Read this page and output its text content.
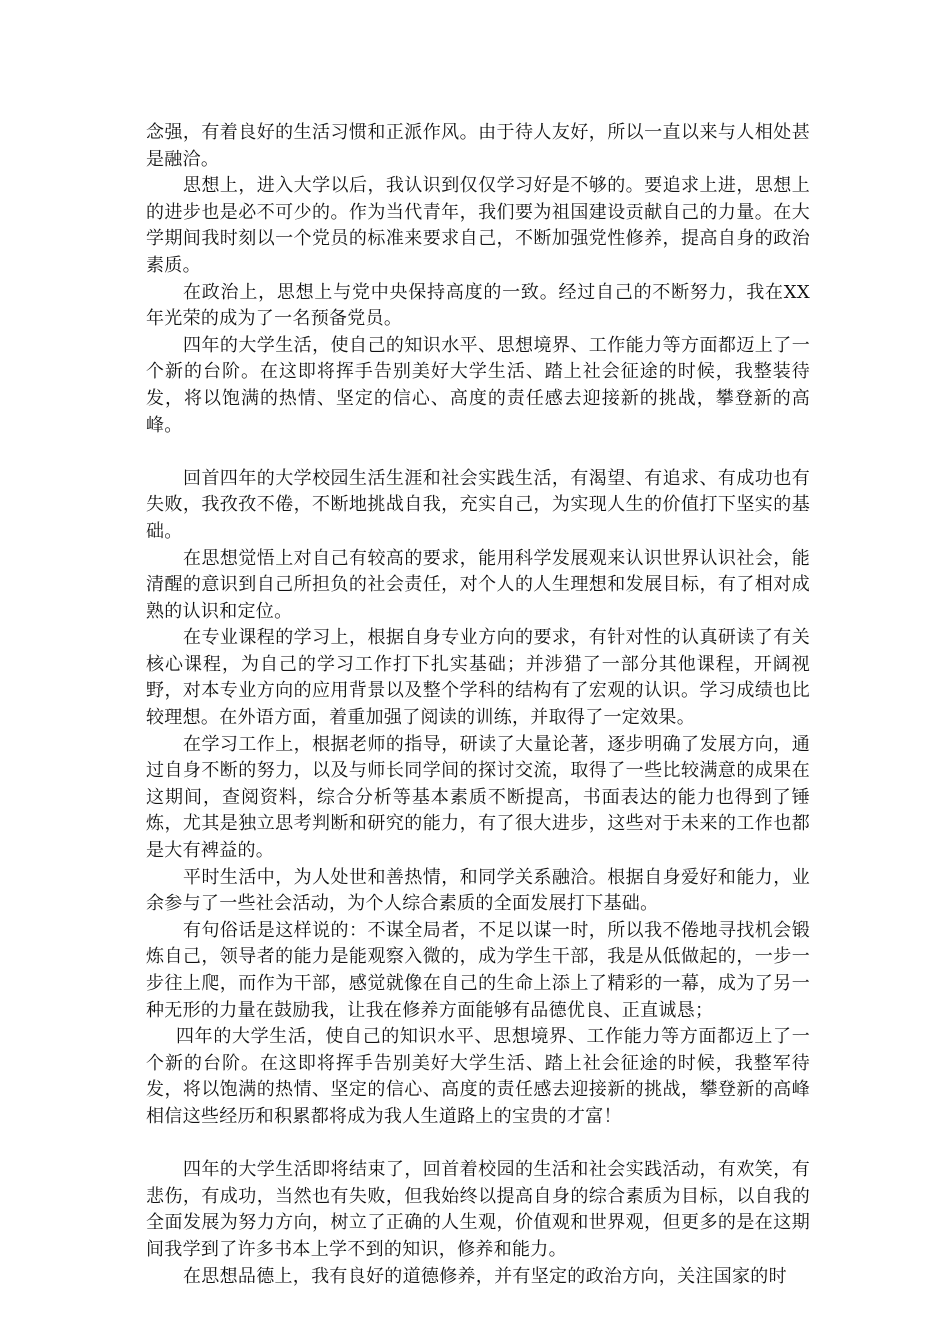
念强，有着良好的生活习惯和正派作风。由于待人友好，所以一直以来与人相处甚是融洽。

思想上，进入大学以后，我认识到仅仅学习好是不够的。要追求上进，思想上的进步也是必不可少的。作为当代青年，我们要为祖国建设贡献自己的力量。在大学期间我时刻以一个党员的标准来要求自己，不断加强党性修养，提高自身的政治素质。

在政治上，思想上与党中央保持高度的一致。经过自己的不断努力，我在XX年光荣的成为了一名预备党员。

四年的大学生活，使自己的知识水平、思想境界、工作能力等方面都迈上了一个新的台阶。在这即将挥手告别美好大学生活、踏上社会征途的时候，我整装待发，将以饱满的热情、坚定的信心、高度的责任感去迎接新的挑战，攀登新的高峰。

回首四年的大学校园生活生涯和社会实践生活，有渴望、有追求、有成功也有失败，我孜孜不倦，不断地挑战自我，充实自己，为实现人生的价值打下坚实的基础。

在思想觉悟上对自己有较高的要求，能用科学发展观来认识世界认识社会，能清醒的意识到自己所担负的社会责任，对个人的人生理想和发展目标，有了相对成熟的认识和定位。

在专业课程的学习上，根据自身专业方向的要求，有针对性的认真研读了有关核心课程，为自己的学习工作打下扎实基础；并涉猎了一部分其他课程，开阔视野，对本专业方向的应用背景以及整个学科的结构有了宏观的认识。学习成绩也比较理想。在外语方面，着重加强了阅读的训练，并取得了一定效果。

在学习工作上，根据老师的指导，研读了大量论著，逐步明确了发展方向，通过自身不断的努力，以及与师长同学间的探讨交流，取得了一些比较满意的成果在这期间，查阅资料，综合分析等基本素质不断提高，书面表达的能力也得到了锤炼，尤其是独立思考判断和研究的能力，有了很大进步，这些对于未来的工作也都是大有裨益的。

平时生活中，为人处世和善热情，和同学关系融洽。根据自身爱好和能力，业余参与了一些社会活动，为个人综合素质的全面发展打下基础。

有句俗话是这样说的：不谋全局者，不足以谋一时，所以我不倦地寻找机会锻炼自己，领导者的能力是能观察入微的，成为学生干部，我是从低做起的，一步一步往上爬，而作为干部，感觉就像在自己的生命上添上了精彩的一幕，成为了另一种无形的力量在鼓励我，让我在修养方面能够有品德优良、正直诚恳；

四年的大学生活，使自己的知识水平、思想境界、工作能力等方面都迈上了一个新的台阶。在这即将挥手告别美好大学生活、踏上社会征途的时候，我整军待发，将以饱满的热情、坚定的信心、高度的责任感去迎接新的挑战，攀登新的高峰相信这些经历和积累都将成为我人生道路上的宝贵的才富！

四年的大学生活即将结束了，回首着校园的生活和社会实践活动，有欢笑，有悲伤，有成功，当然也有失败，但我始终以提高自身的综合素质为目标，以自我的全面发展为努力方向，树立了正确的人生观，价值观和世界观，但更多的是在这期间我学到了许多书本上学不到的知识，修养和能力。

在思想品德上，我有良好的道德修养，并有坚定的政治方向，关注国家的时
